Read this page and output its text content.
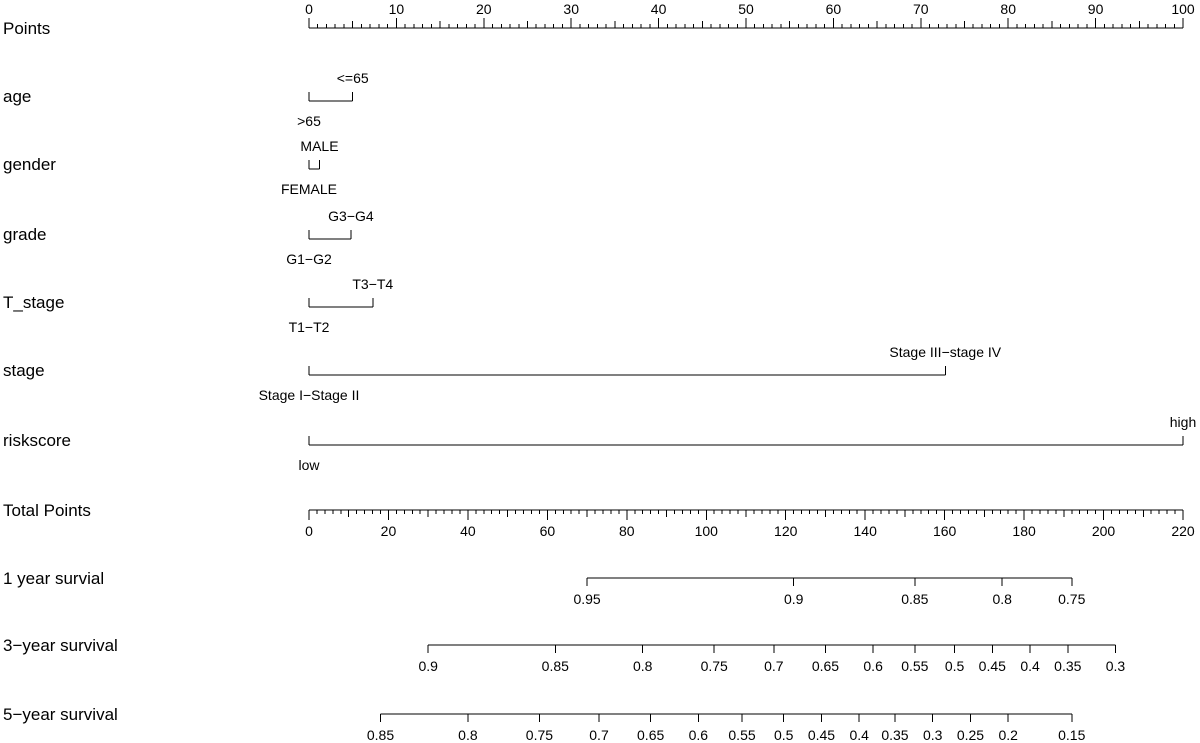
Points
0	10	20	30	40	50	60	70	80	90	100
age
>65
<=65
gender
FEMALE
MALE
grade
G1−G2
G3−G4
T_stage
T1−T2
T3−T4
stage
Stage I−Stage II
Stage III−stage IV
riskscore
low
high
Total Points
0	20	40	60	80	100	120	140	160	180	200	220
1 year survial
0.95	0.9	0.85	0.8	0.75
3−year survival
0.9	0.85	0.8	0.75	0.7 0.65 0.6 0.55 0.5 0.45 0.4 0.35 0.3
5−year survival
0.85	0.8	0.75	0.7 0.65 0.6 0.55 0.5 0.45 0.4 0.35 0.3 0.25 0.2	0.15
